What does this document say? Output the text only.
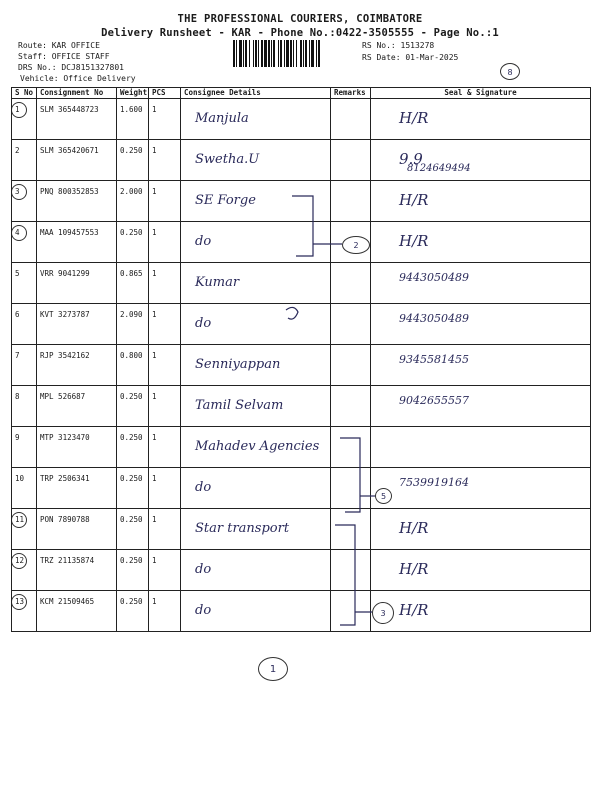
THE PROFESSIONAL COURIERS, COIMBATORE
Delivery Runsheet - KAR - Phone No.:0422-3505555 - Page No.:1
Route: KAR OFFICE
Staff: OFFICE STAFF
DRS No.: DCJ8151327801
Vehicle: Office Delivery
RS No.: 1513278
RS Date: 01-Mar-2025
8
S No	Consignment No	Weight	PCS	Consignee Details	Remarks	Seal & Signature
1	SLM 365448723	1.600	1	Manjula		H/R

2	SLM 365420671	0.250	1	Swetha.U		9.9
8124649494

3	PNQ 800352853	2.000	1	SE Forge		H/R

4	MAA 109457553	0.250	1	do		H/R

5	VRR 9041299	0.865	1	Kumar		9443050489

6	KVT 3273787	2.090	1	do		9443050489

7	RJP 3542162	0.800	1	Senniyappan		9345581455

8	MPL 526687	0.250	1	Tamil Selvam		9042655557

9	MTP 3123470	0.250	1	Mahadev Agencies		

10	TRP 2506341	0.250	1	do		7539919164

11	PON 7890788	0.250	1	Star transport		H/R

12	TRZ 21135874	0.250	1	do		H/R

13	KCM 21509465	0.250	1	do		H/R
2
5
3
1
